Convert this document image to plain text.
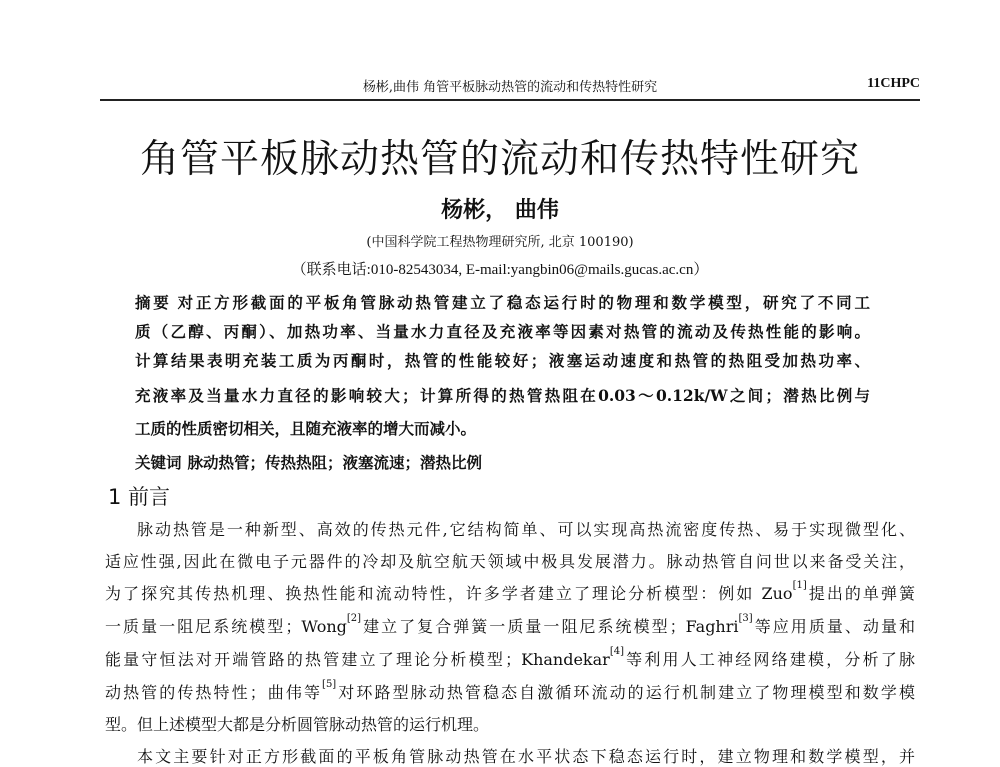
杨彬,曲伟 角管平板脉动热管的流动和传热特性研究	11CHPC
角管平板脉动热管的流动和传热特性研究
杨彬， 曲伟
(中国科学院工程热物理研究所, 北京 100190)
（联系电话:010-82543034, E-mail:yangbin06@mails.gucas.ac.cn）
摘要 对正方形截面的平板角管脉动热管建立了稳态运行时的物理和数学模型，研究了不同工
质（乙醇、丙酮）、加热功率、当量水力直径及充液率等因素对热管的流动及传热性能的影响。
计算结果表明充装工质为丙酮时，热管的性能较好；液塞运动速度和热管的热阻受加热功率、
充液率及当量水力直径的影响较大；计算所得的热管热阻在0.03～0.12k/W之间；潜热比例与
工质的性质密切相关，且随充液率的增大而减小。
关键词 脉动热管；传热热阻；液塞流速；潜热比例
1 前言
脉动热管是一种新型、高效的传热元件,它结构简单、可以实现高热流密度传热、易于实现微型化、
适应性强,因此在微电子元器件的冷却及航空航天领域中极具发展潜力。脉动热管自问世以来备受关注，
为了探究其传热机理、换热性能和流动特性，许多学者建立了理论分析模型：例如 Zuo[1]提出的单弹簧
一质量一阻尼系统模型；Wong[2]建立了复合弹簧一质量一阻尼系统模型；Faghri[3]等应用质量、动量和
能量守恒法对开端管路的热管建立了理论分析模型；Khandekar[4]等利用人工神经网络建模，分析了脉
动热管的传热特性；曲伟等[5]对环路型脉动热管稳态自激循环流动的运行机制建立了物理模型和数学模
型。但上述模型大都是分析圆管脉动热管的运行机理。
本文主要针对正方形截面的平板角管脉动热管在水平状态下稳态运行时，建立物理和数学模型，并
